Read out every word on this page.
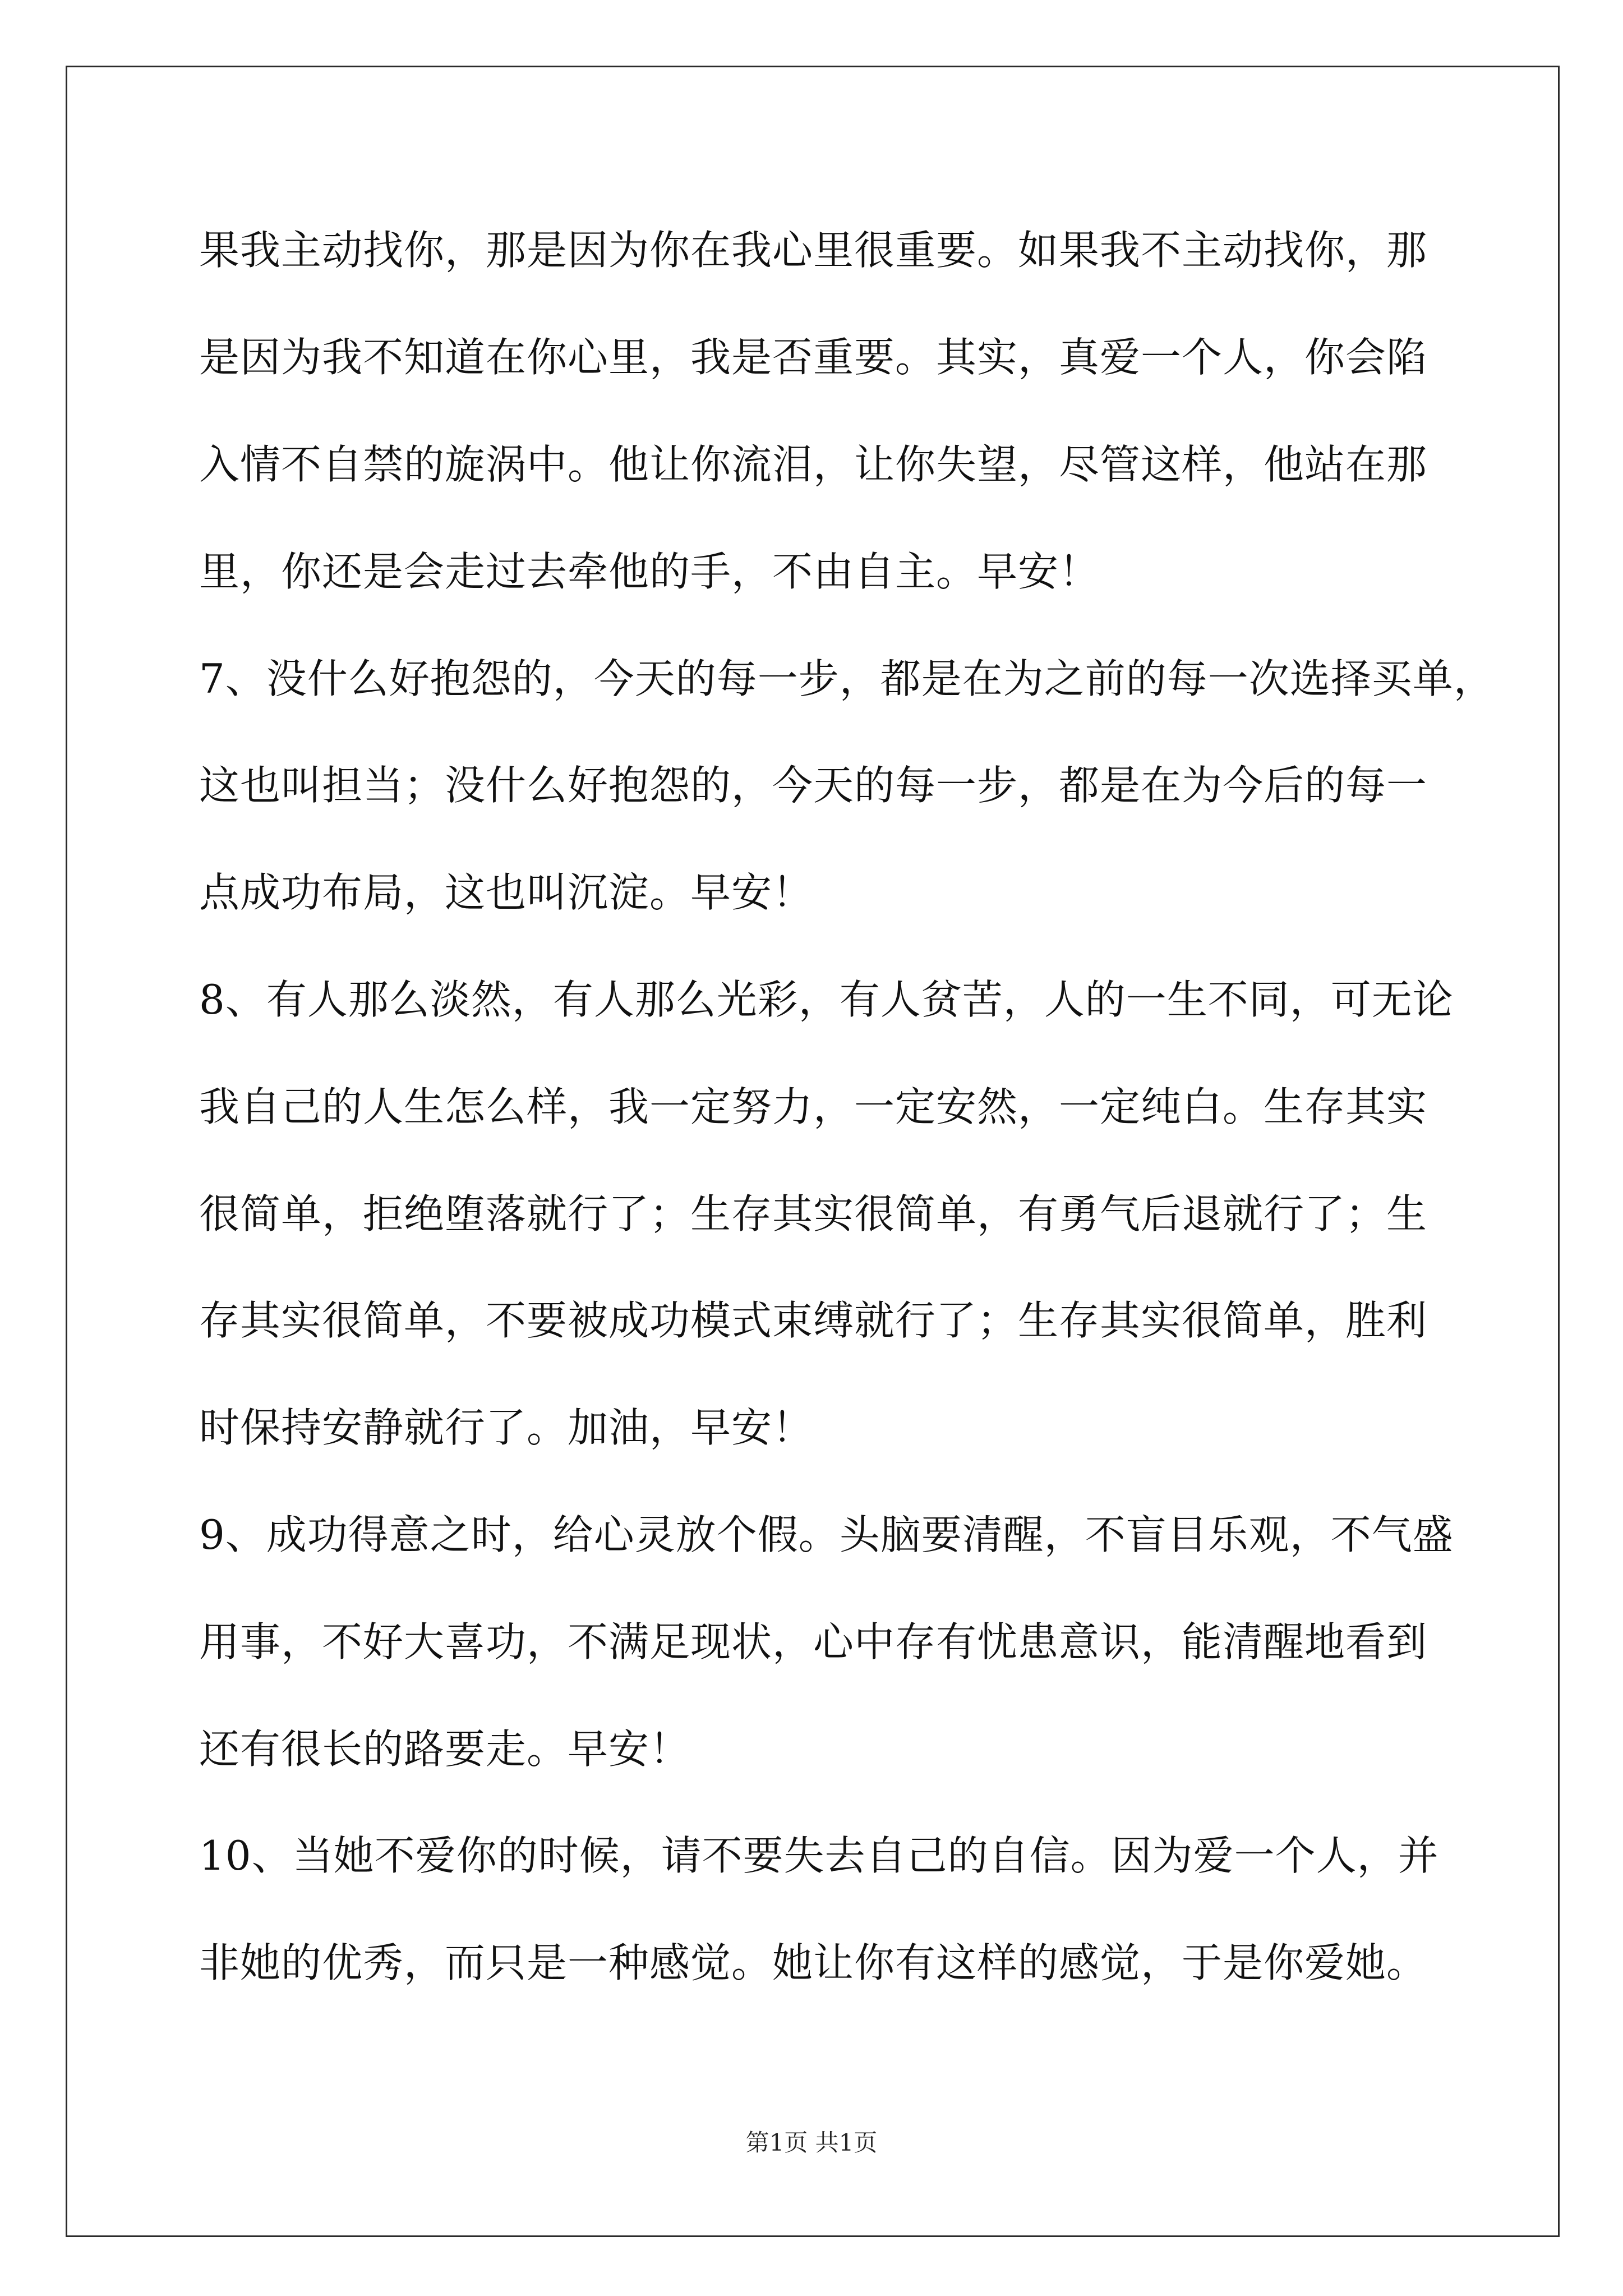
果我主动找你，那是因为你在我心里很重要。如果我不主动找你，那
是因为我不知道在你心里，我是否重要。其实，真爱一个人，你会陷
入情不自禁的旋涡中。他让你流泪，让你失望，尽管这样，他站在那
里，你还是会走过去牵他的手，不由自主。早安！
7、没什么好抱怨的，今天的每一步，都是在为之前的每一次选择买单，
这也叫担当；没什么好抱怨的，今天的每一步，都是在为今后的每一
点成功布局，这也叫沉淀。早安！
8、有人那么淡然，有人那么光彩，有人贫苦，人的一生不同，可无论
我自己的人生怎么样，我一定努力，一定安然，一定纯白。生存其实
很简单，拒绝堕落就行了；生存其实很简单，有勇气后退就行了；生
存其实很简单，不要被成功模式束缚就行了；生存其实很简单，胜利
时保持安静就行了。加油，早安！
9、成功得意之时，给心灵放个假。头脑要清醒，不盲目乐观，不气盛
用事，不好大喜功，不满足现状，心中存有忧患意识，能清醒地看到
还有很长的路要走。早安！
10、当她不爱你的时候，请不要失去自己的自信。因为爱一个人，并
非她的优秀，而只是一种感觉。她让你有这样的感觉，于是你爱她。
第1页 共1页
